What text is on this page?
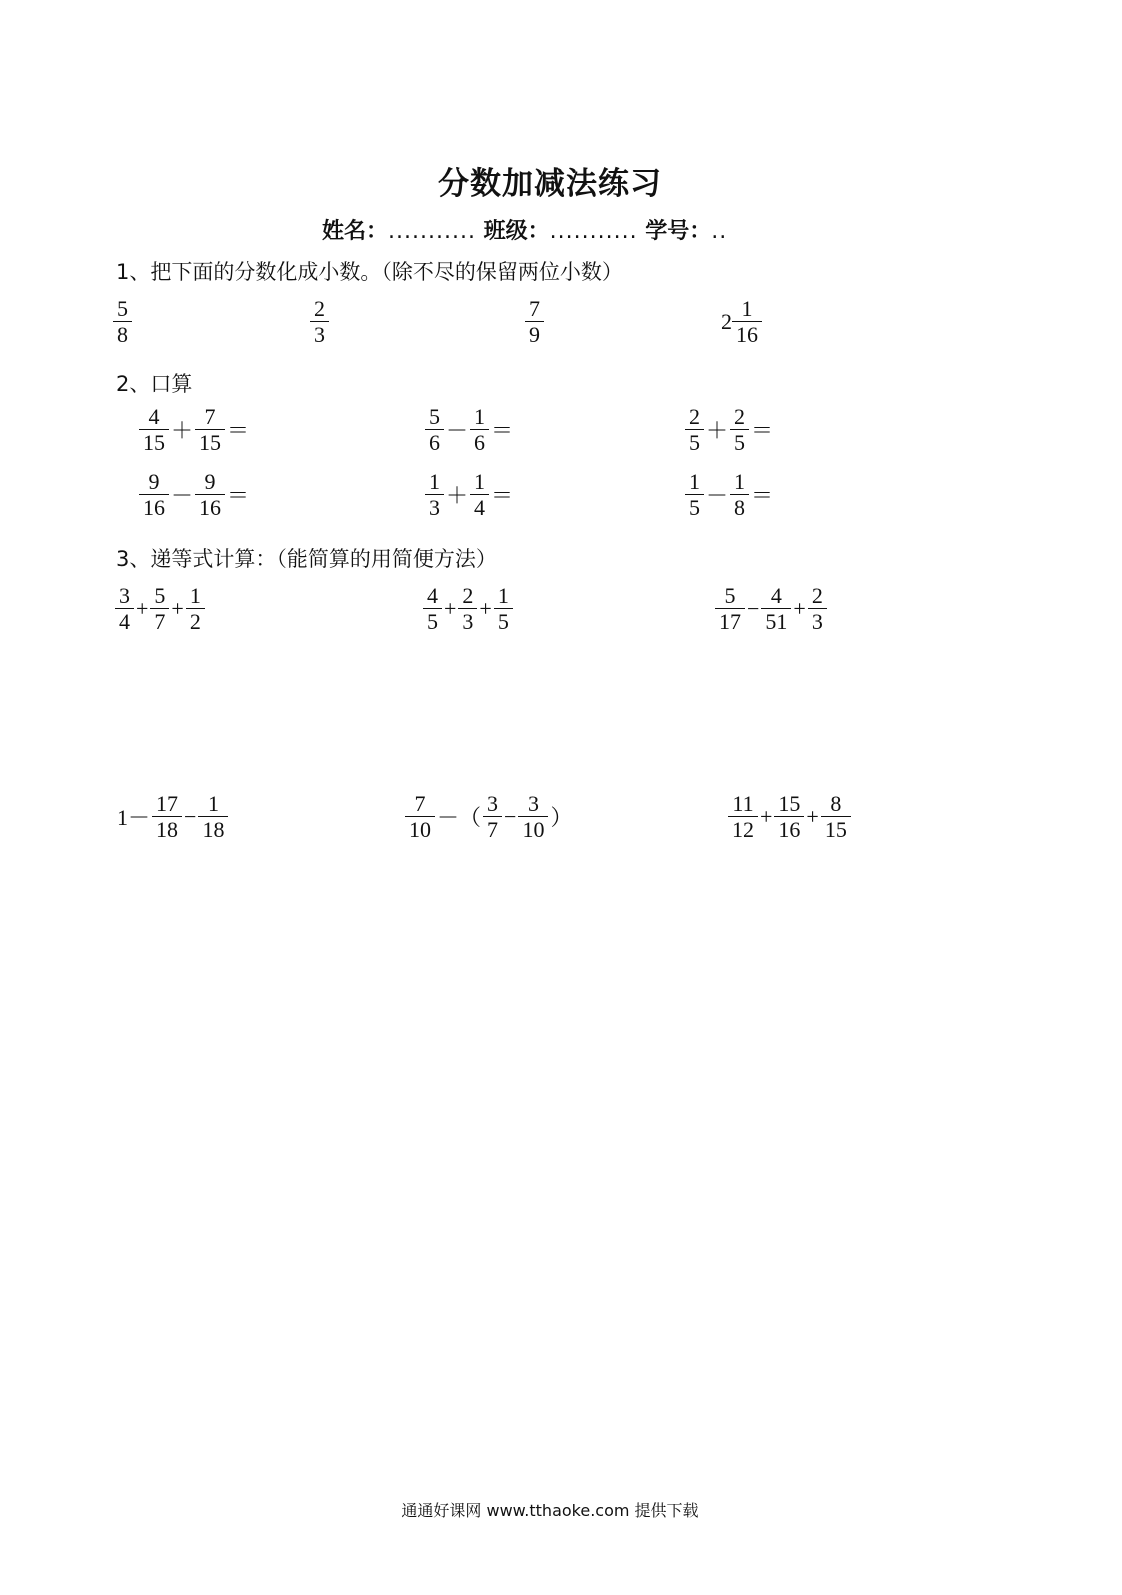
分数加减法练习
姓名：........... 班级：........... 学号：..
1、把下面的分数化成小数。（除不尽的保留两位小数）
$\frac{5}{8}$	$\frac{2}{3}$	$\frac{7}{9}$	$2 \frac{1}{16}$
2、口算
$\frac{4}{15} + \frac{7}{15}$ ＝	$\frac{5}{6} - \frac{1}{6}$ ＝	$\frac{2}{5} + \frac{2}{5}$ ＝
$\frac{9}{16} - \frac{9}{16}$ ＝	$\frac{1}{3} + \frac{1}{4}$ ＝	$\frac{1}{5} - \frac{1}{8}$ ＝
3、递等式计算：（能简算的用简便方法）
$\frac{3}{4} + \frac{5}{7} + \frac{1}{2}$	$\frac{4}{5} + \frac{2}{3} + \frac{1}{5}$	$\frac{5}{17} - \frac{4}{51} + \frac{2}{3}$
$1- \frac{17}{18} - \frac{1}{18}$	$\frac{7}{10}$ －（ $\frac{3}{7} - \frac{3}{10}$ ）	$\frac{11}{12} + \frac{15}{16} + \frac{8}{15}$
通通好课网 www.tthaoke.com 提供下载
